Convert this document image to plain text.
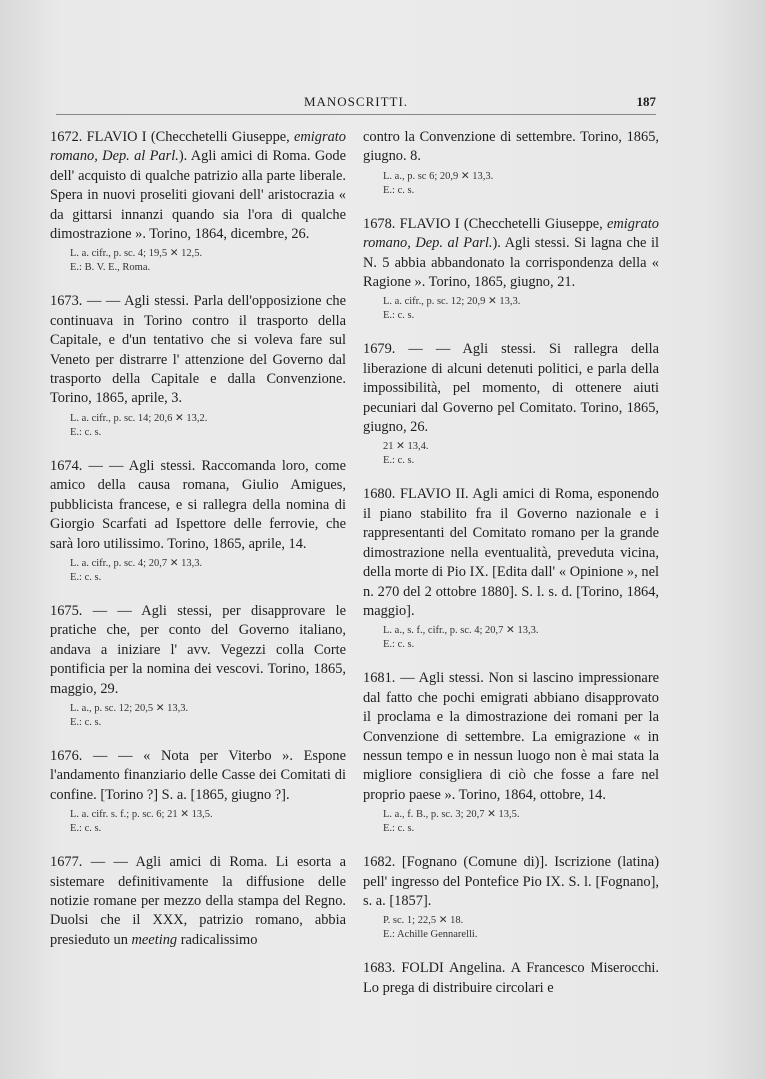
MANOSCRITTI.	187

1672. FLAVIO I (Checchetelli Giuseppe, emigrato romano, Dep. al Parl.). Agli amici di Roma. Gode dell' acquisto di qualche patrizio alla parte liberale. Spera in nuovi proseliti giovani dell' aristocrazia « da gittarsi innanzi quando sia l'ora di qualche dimostrazione ». Torino, 1864, dicembre, 26.

L. a. cifr., p. sc. 4; 19,5 ✕ 12,5.
E.: B. V. E., Roma.

1673. — — Agli stessi. Parla dell'opposizione che continuava in Torino contro il trasporto della Capitale, e d'un tentativo che si voleva fare sul Veneto per distrarre l' attenzione del Governo dal trasporto della Capitale e dalla Convenzione. Torino, 1865, aprile, 3.

L. a. cifr., p. sc. 14; 20,6 ✕ 13,2.
E.: c. s.

1674. — — Agli stessi. Raccomanda loro, come amico della causa romana, Giulio Amigues, pubblicista francese, e si rallegra della nomina di Giorgio Scarfati ad Ispettore delle ferrovie, che sarà loro utilissimo. Torino, 1865, aprile, 14.

L. a. cifr., p. sc. 4; 20,7 ✕ 13,3.
E.: c. s.

1675. — — Agli stessi, per disapprovare le pratiche che, per conto del Governo italiano, andava a iniziare l' avv. Vegezzi colla Corte pontificia per la nomina dei vescovi. Torino, 1865, maggio, 29.

L. a., p. sc. 12; 20,5 ✕ 13,3.
E.: c. s.

1676. — — « Nota per Viterbo ». Espone l'andamento finanziario delle Casse dei Comitati di confine. [Torino ?] S. a. [1865, giugno ?].

L. a. cifr. s. f.; p. sc. 6; 21 ✕ 13,5.
E.: c. s.

1677. — — Agli amici di Roma. Li esorta a sistemare definitivamente la diffusione delle notizie romane per mezzo della stampa del Regno. Duolsi che il XXX, patrizio romano, abbia presieduto un meeting radicalissimo

contro la Convenzione di settembre. Torino, 1865, giugno. 8.

L. a., p. sc 6; 20,9 ✕ 13,3.
E.: c. s.

1678. FLAVIO I (Checchetelli Giuseppe, emigrato romano, Dep. al Parl.). Agli stessi. Si lagna che il N. 5 abbia abbandonato la corrispondenza della « Ragione ». Torino, 1865, giugno, 21.

L. a. cifr., p. sc. 12; 20,9 ✕ 13,3.
E.: c. s.

1679. — — Agli stessi. Si rallegra della liberazione di alcuni detenuti politici, e parla della impossibilità, pel momento, di ottenere aiuti pecuniari dal Governo pel Comitato. Torino, 1865, giugno, 26.

21 ✕ 13,4.
E.: c. s.

1680. FLAVIO II. Agli amici di Roma, esponendo il piano stabilito fra il Governo nazionale e i rappresentanti del Comitato romano per la grande dimostrazione nella eventualità, preveduta vicina, della morte di Pio IX. [Edita dall' « Opinione », nel n. 270 del 2 ottobre 1880]. S. l. s. d. [Torino, 1864, maggio].

L. a., s. f., cifr., p. sc. 4; 20,7 ✕ 13,3.
E.: c. s.

1681. — Agli stessi. Non si lascino impressionare dal fatto che pochi emigrati abbiano disapprovato il proclama e la dimostrazione dei romani per la Convenzione di settembre. La emigrazione « in nessun tempo e in nessun luogo non è mai stata la migliore consigliera di ciò che fosse a fare nel proprio paese ». Torino, 1864, ottobre, 14.

L. a., f. B., p. sc. 3; 20,7 ✕ 13,5.
E.: c. s.

1682. [Fognano (Comune di)]. Iscrizione (latina) pell' ingresso del Pontefice Pio IX. S. l. [Fognano], s. a. [1857].

P. sc. 1; 22,5 ✕ 18.
E.: Achille Gennarelli.

1683. FOLDI Angelina. A Francesco Miserocchi. Lo prega di distribuire circolari e
